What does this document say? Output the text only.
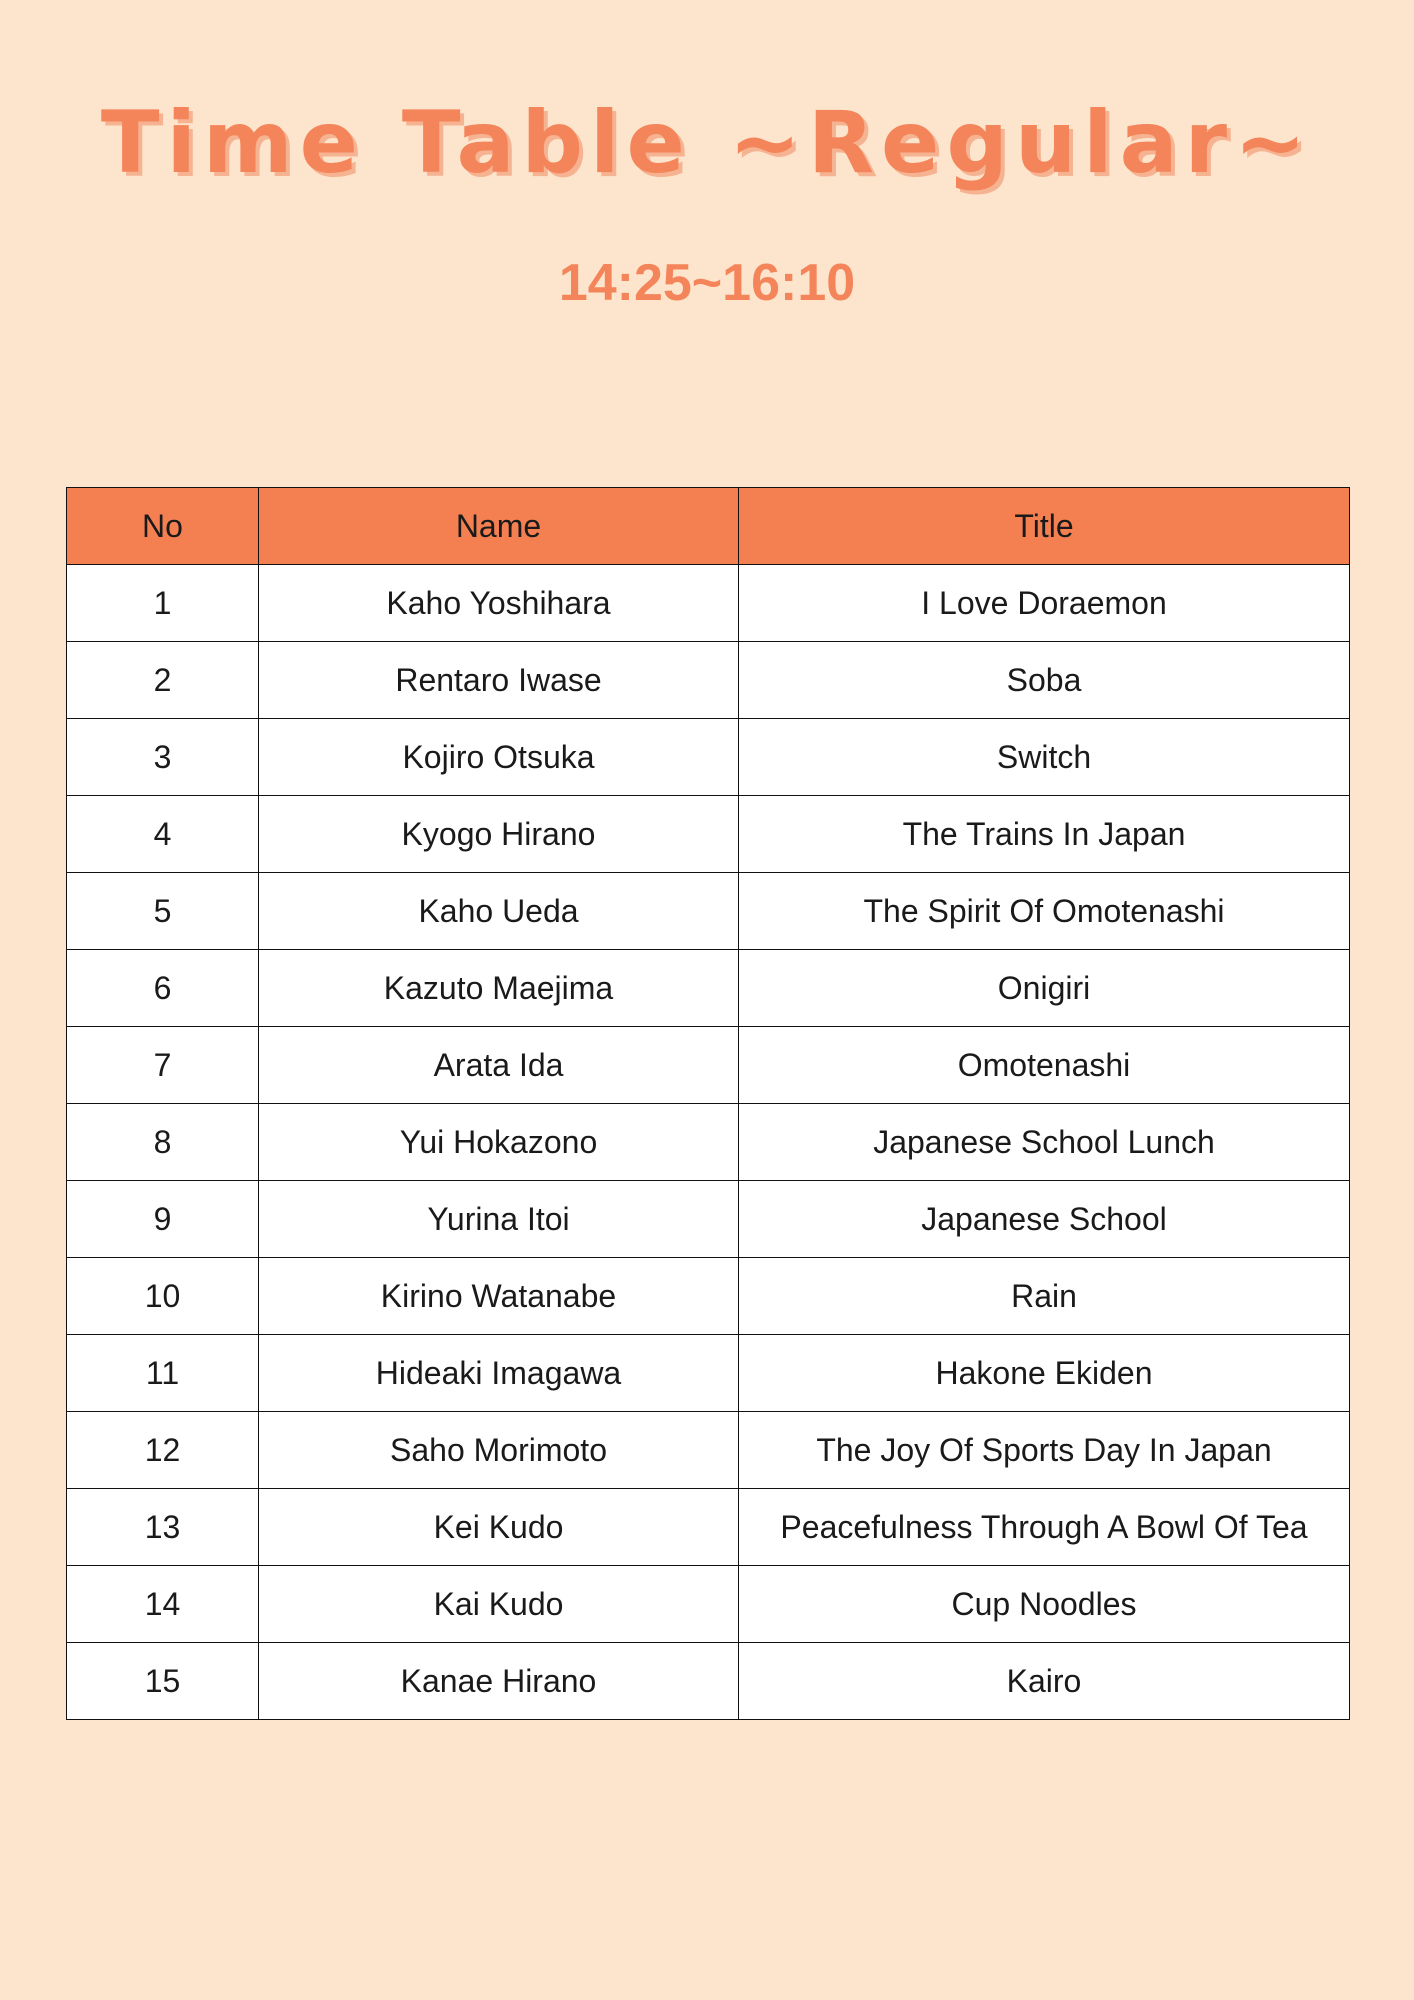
Time Table ~Regular~
14:25~16:10
No	Name	Title
1	Kaho Yoshihara	I Love Doraemon
2	Rentaro Iwase	Soba
3	Kojiro Otsuka	Switch
4	Kyogo Hirano	The Trains In Japan
5	Kaho Ueda	The Spirit Of Omotenashi
6	Kazuto Maejima	Onigiri
7	Arata Ida	Omotenashi
8	Yui Hokazono	Japanese School Lunch
9	Yurina Itoi	Japanese School
10	Kirino Watanabe	Rain
11	Hideaki Imagawa	Hakone Ekiden
12	Saho Morimoto	The Joy Of Sports Day In Japan
13	Kei Kudo	Peacefulness Through A Bowl Of Tea
14	Kai Kudo	Cup Noodles
15	Kanae Hirano	Kairo
